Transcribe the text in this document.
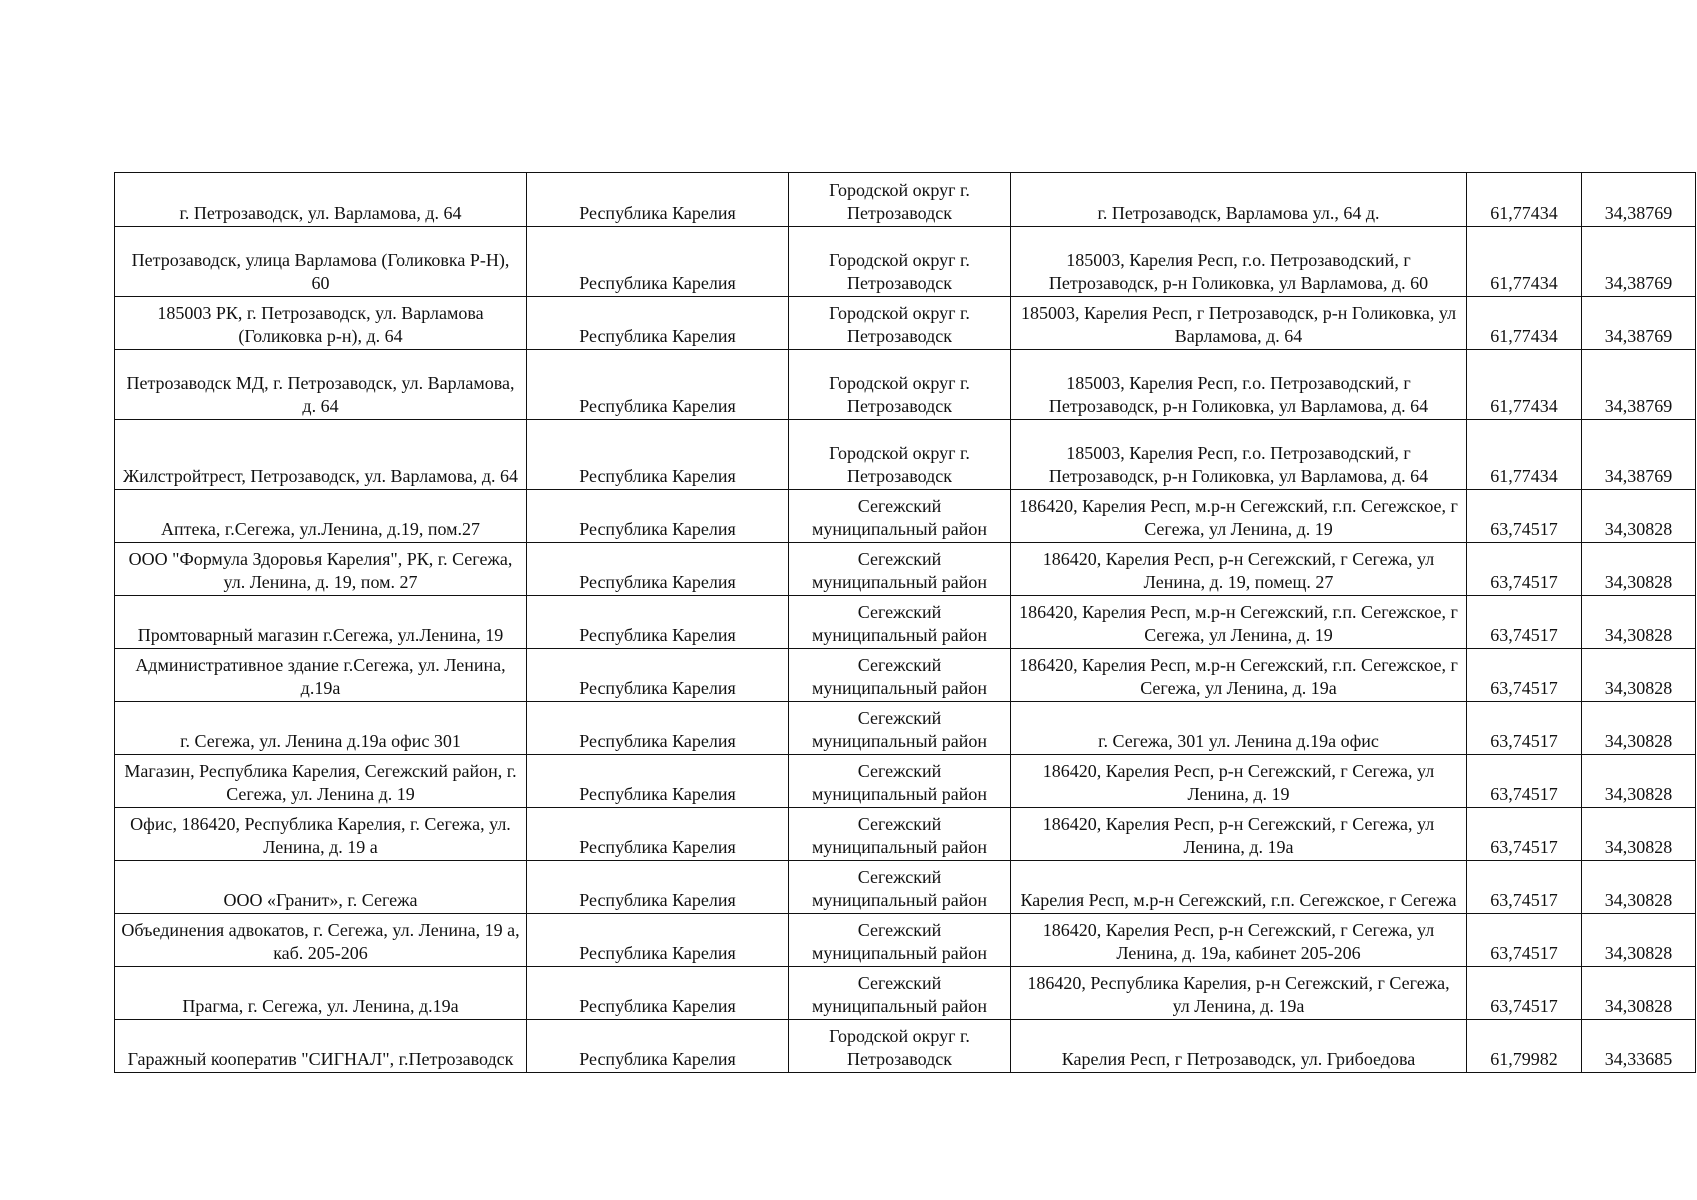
г. Петрозаводск, ул. Варламова, д. 64	Республика Карелия	Городской округ г. Петрозаводск	г. Петрозаводск, Варламова ул., 64 д.	61,77434	34,38769
Петрозаводск, улица Варламова (Голиковка Р-Н), 60	Республика Карелия	Городской округ г. Петрозаводск	185003, Карелия Респ, г.о. Петрозаводский, г Петрозаводск, р-н Голиковка, ул Варламова, д. 60	61,77434	34,38769
185003 РК, г. Петрозаводск, ул. Варламова (Голиковка р-н), д. 64	Республика Карелия	Городской округ г. Петрозаводск	185003, Карелия Респ, г Петрозаводск, р-н Голиковка, ул Варламова, д. 64	61,77434	34,38769
Петрозаводск МД, г. Петрозаводск, ул. Варламова, д. 64	Республика Карелия	Городской округ г. Петрозаводск	185003, Карелия Респ, г.о. Петрозаводский, г Петрозаводск, р-н Голиковка, ул Варламова, д. 64	61,77434	34,38769
Жилстройтрест, Петрозаводск, ул. Варламова, д. 64	Республика Карелия	Городской округ г. Петрозаводск	185003, Карелия Респ, г.о. Петрозаводский, г Петрозаводск, р-н Голиковка, ул Варламова, д. 64	61,77434	34,38769
Аптека, г.Сегежа, ул.Ленина, д.19, пом.27	Республика Карелия	Сегежский муниципальный район	186420, Карелия Респ, м.р-н Сегежский, г.п. Сегежское, г Сегежа, ул Ленина, д. 19	63,74517	34,30828
ООО "Формула Здоровья Карелия", РК, г. Сегежа, ул. Ленина, д. 19, пом. 27	Республика Карелия	Сегежский муниципальный район	186420, Карелия Респ, р-н Сегежский, г Сегежа, ул Ленина, д. 19, помещ. 27	63,74517	34,30828
Промтоварный магазин г.Сегежа, ул.Ленина, 19	Республика Карелия	Сегежский муниципальный район	186420, Карелия Респ, м.р-н Сегежский, г.п. Сегежское, г Сегежа, ул Ленина, д. 19	63,74517	34,30828
Административное здание г.Сегежа, ул. Ленина, д.19а	Республика Карелия	Сегежский муниципальный район	186420, Карелия Респ, м.р-н Сегежский, г.п. Сегежское, г Сегежа, ул Ленина, д. 19а	63,74517	34,30828
г. Сегежа, ул. Ленина д.19а офис 301	Республика Карелия	Сегежский муниципальный район	г. Сегежа, 301 ул. Ленина д.19а офис	63,74517	34,30828
Магазин, Республика Карелия, Сегежский район, г. Сегежа, ул. Ленина д. 19	Республика Карелия	Сегежский муниципальный район	186420, Карелия Респ, р-н Сегежский, г Сегежа, ул Ленина, д. 19	63,74517	34,30828
Офис, 186420, Республика Карелия, г. Сегежа, ул. Ленина, д. 19 а	Республика Карелия	Сегежский муниципальный район	186420, Карелия Респ, р-н Сегежский, г Сегежа, ул Ленина, д. 19а	63,74517	34,30828
ООО «Гранит», г. Сегежа	Республика Карелия	Сегежский муниципальный район	Карелия Респ, м.р-н Сегежский, г.п. Сегежское, г Сегежа	63,74517	34,30828
Объединения адвокатов, г. Сегежа, ул. Ленина, 19 а, каб. 205-206	Республика Карелия	Сегежский муниципальный район	186420, Карелия Респ, р-н Сегежский, г Сегежа, ул Ленина, д. 19а, кабинет 205-206	63,74517	34,30828
Прагма, г. Сегежа, ул. Ленина, д.19а	Республика Карелия	Сегежский муниципальный район	186420, Республика Карелия, р-н Сегежский, г Сегежа, ул Ленина, д. 19а	63,74517	34,30828
Гаражный кооператив "СИГНАЛ", г.Петрозаводск	Республика Карелия	Городской округ г. Петрозаводск	Карелия Респ, г Петрозаводск, ул. Грибоедова	61,79982	34,33685
